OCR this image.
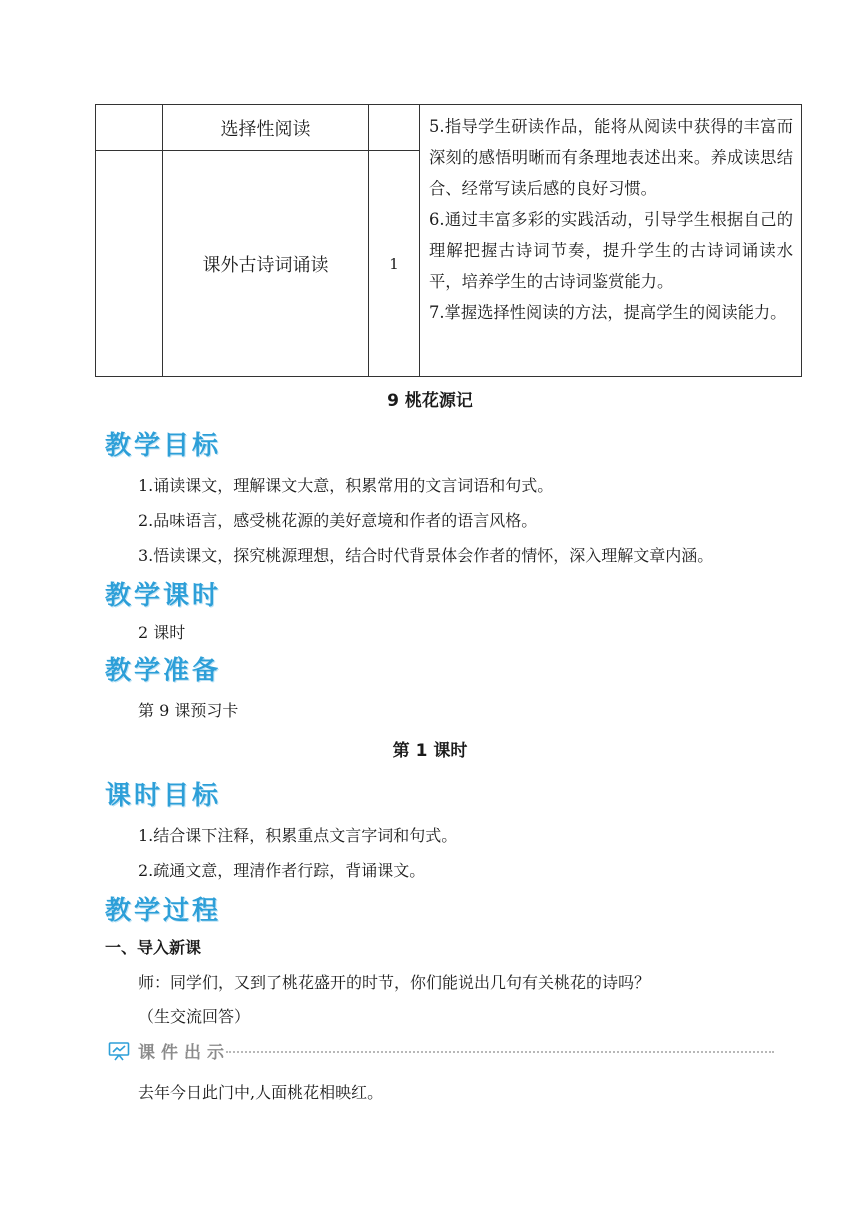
	选择性阅读		5.指导学生研读作品，能将从阅读中获得的丰富而深刻的感悟明晰而有条理地表述出来。养成读思结合、经常写读后感的良好习惯。

6.通过丰富多彩的实践活动，引导学生根据自己的理解把握古诗词节奏，提升学生的古诗词诵读水平，培养学生的古诗词鉴赏能力。

7.掌握选择性阅读的方法，提高学生的阅读能力。

	课外古诗词诵读	1	

9 桃花源记

教学目标

1.诵读课文，理解课文大意，积累常用的文言词语和句式。

2.品味语言，感受桃花源的美好意境和作者的语言风格。

3.悟读课文，探究桃源理想，结合时代背景体会作者的情怀，深入理解文章内涵。

教学课时

2 课时

教学准备

第 9 课预习卡

第 1 课时

课时目标

1.结合课下注释，积累重点文言字词和句式。

2.疏通文意，理清作者行踪，背诵课文。

教学过程

一、导入新课

师：同学们，又到了桃花盛开的时节，你们能说出几句有关桃花的诗吗？

（生交流回答）

课件出示

去年今日此门中,人面桃花相映红。
